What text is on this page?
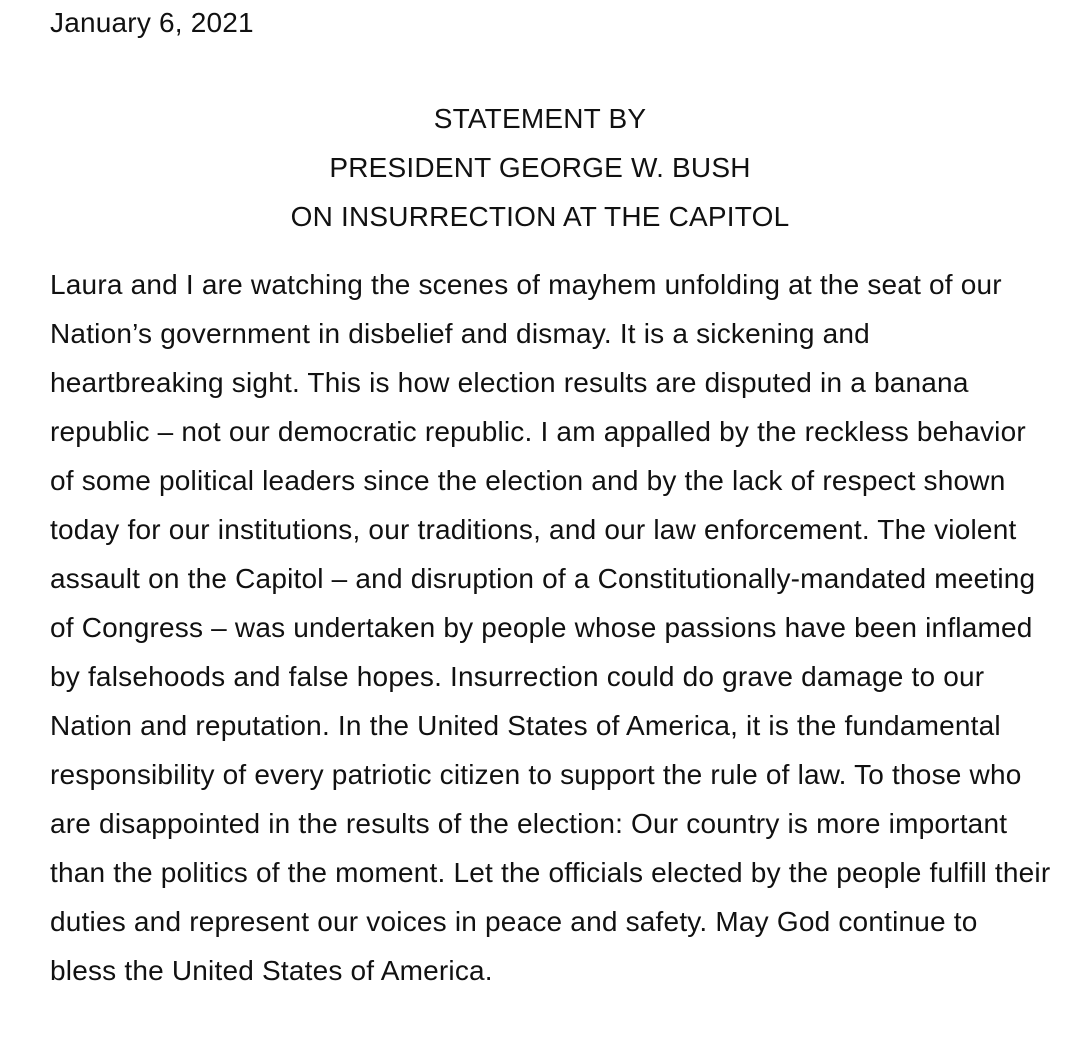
January 6, 2021
STATEMENT BY
PRESIDENT GEORGE W. BUSH
ON INSURRECTION AT THE CAPITOL
Laura and I are watching the scenes of mayhem unfolding at the seat of our
Nation’s government in disbelief and dismay. It is a sickening and
heartbreaking sight. This is how election results are disputed in a banana
republic – not our democratic republic. I am appalled by the reckless behavior
of some political leaders since the election and by the lack of respect shown
today for our institutions, our traditions, and our law enforcement. The violent
assault on the Capitol – and disruption of a Constitutionally-mandated meeting
of Congress – was undertaken by people whose passions have been inflamed
by falsehoods and false hopes. Insurrection could do grave damage to our
Nation and reputation. In the United States of America, it is the fundamental
responsibility of every patriotic citizen to support the rule of law. To those who
are disappointed in the results of the election: Our country is more important
than the politics of the moment. Let the officials elected by the people fulfill their
duties and represent our voices in peace and safety. May God continue to
bless the United States of America.
